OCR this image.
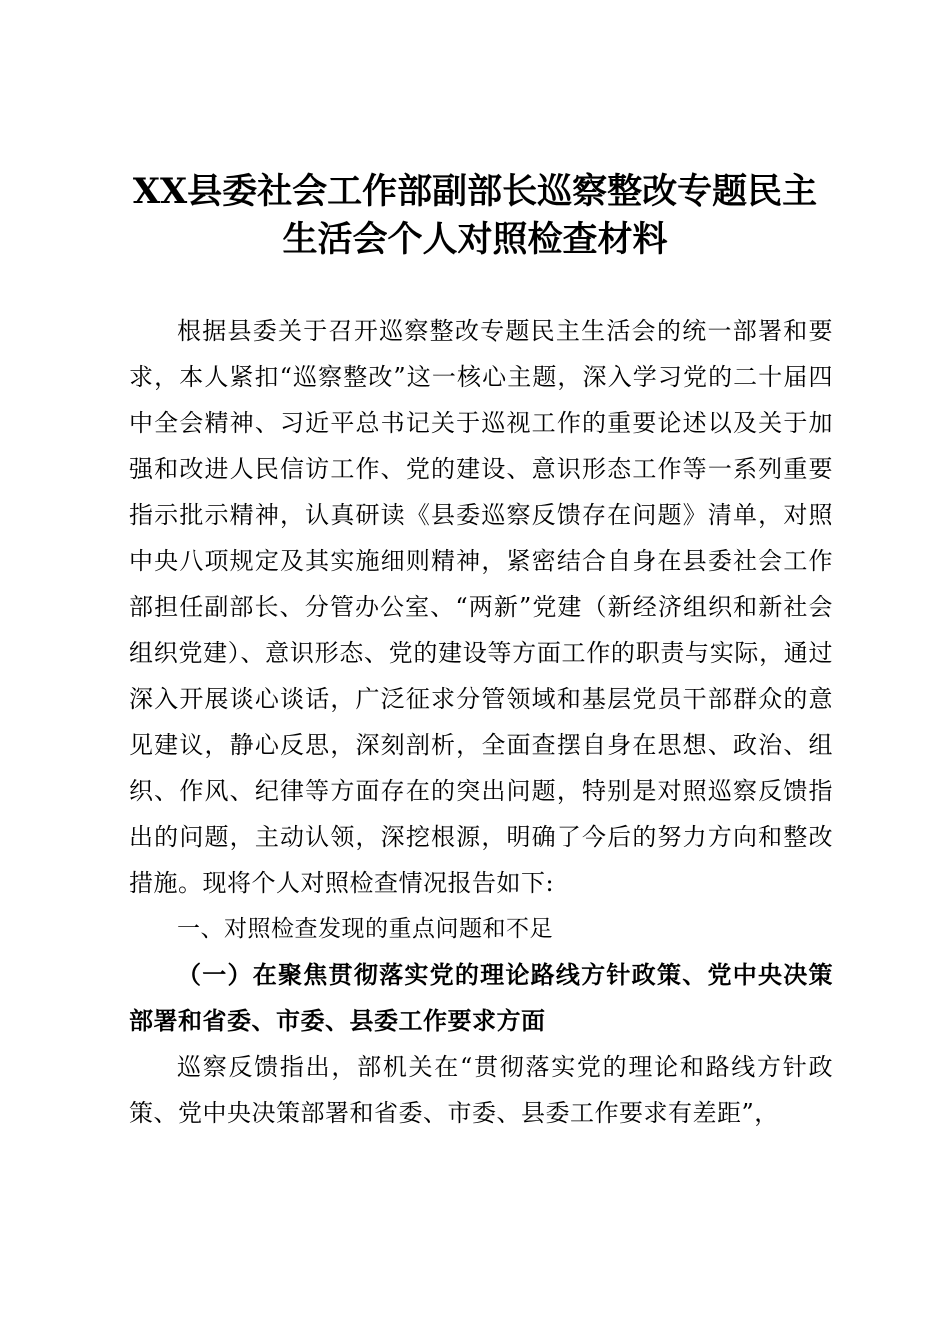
XX县委社会工作部副部长巡察整改专题民主
生活会个人对照检查材料

根据县委关于召开巡察整改专题民主生活会的统一部署和要求，本人紧扣“巡察整改”这一核心主题，深入学习党的二十届四中全会精神、习近平总书记关于巡视工作的重要论述以及关于加强和改进人民信访工作、党的建设、意识形态工作等一系列重要指示批示精神，认真研读《县委巡察反馈存在问题》清单，对照中央八项规定及其实施细则精神，紧密结合自身在县委社会工作部担任副部长、分管办公室、“两新”党建（新经济组织和新社会组织党建）、意识形态、党的建设等方面工作的职责与实际，通过深入开展谈心谈话，广泛征求分管领域和基层党员干部群众的意见建议，静心反思，深刻剖析，全面查摆自身在思想、政治、组织、作风、纪律等方面存在的突出问题，特别是对照巡察反馈指出的问题，主动认领，深挖根源，明确了今后的努力方向和整改措施。现将个人对照检查情况报告如下:

一、对照检查发现的重点问题和不足

（一）在聚焦贯彻落实党的理论路线方针政策、党中央决策部署和省委、市委、县委工作要求方面

巡察反馈指出，部机关在“贯彻落实党的理论和路线方针政策、党中央决策部署和省委、市委、县委工作要求有差距”，
